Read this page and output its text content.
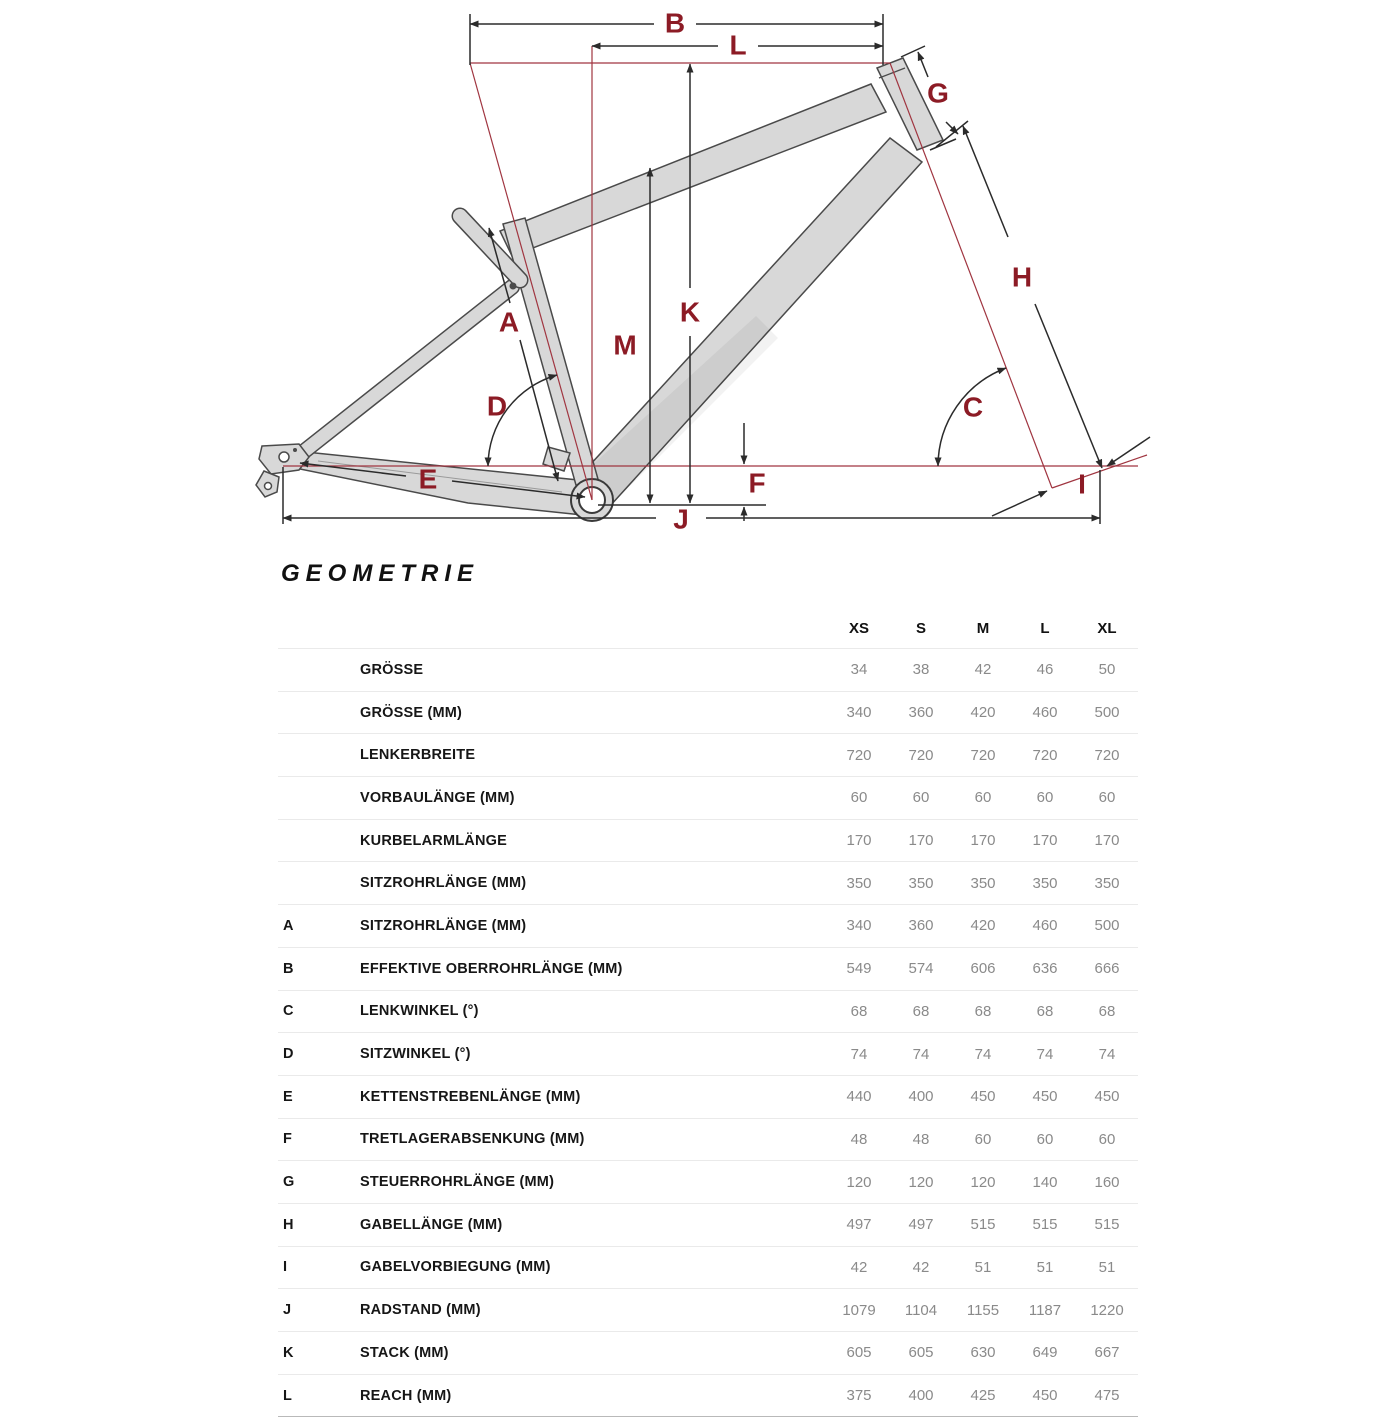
A
B
C
D
E	F
G
H
I
J
K
L
M
GEOMETRIE
XS	S	M	L	XL
GRÖSSE	34	38	42	46	50
GRÖSSE (MM)	340	360	420	460	500
LENKERBREITE	720	720	720	720	720
VORBAULÄNGE (MM)	60	60	60	60	60
KURBELARMLÄNGE	170	170	170	170	170
SITZROHRLÄNGE (MM)	350	350	350	350	350
A	SITZROHRLÄNGE (MM)	340	360	420	460	500
B	EFFEKTIVE OBERROHRLÄNGE (MM)	549	574	606	636	666
C	LENKWINKEL (°)	68	68	68	68	68
D	SITZWINKEL (°)	74	74	74	74	74
E	KETTENSTREBENLÄNGE (MM)	440	400	450	450	450
F	TRETLAGERABSENKUNG (MM)	48	48	60	60	60
G	STEUERROHRLÄNGE (MM)	120	120	120	140	160
H	GABELLÄNGE (MM)	497	497	515	515	515
I	GABELVORBIEGUNG (MM)	42	42	51	51	51
J	RADSTAND (MM)	1079	1104	1155	1187	1220
K	STACK (MM)	605	605	630	649	667
L	REACH (MM)	375	400	425	450	475
